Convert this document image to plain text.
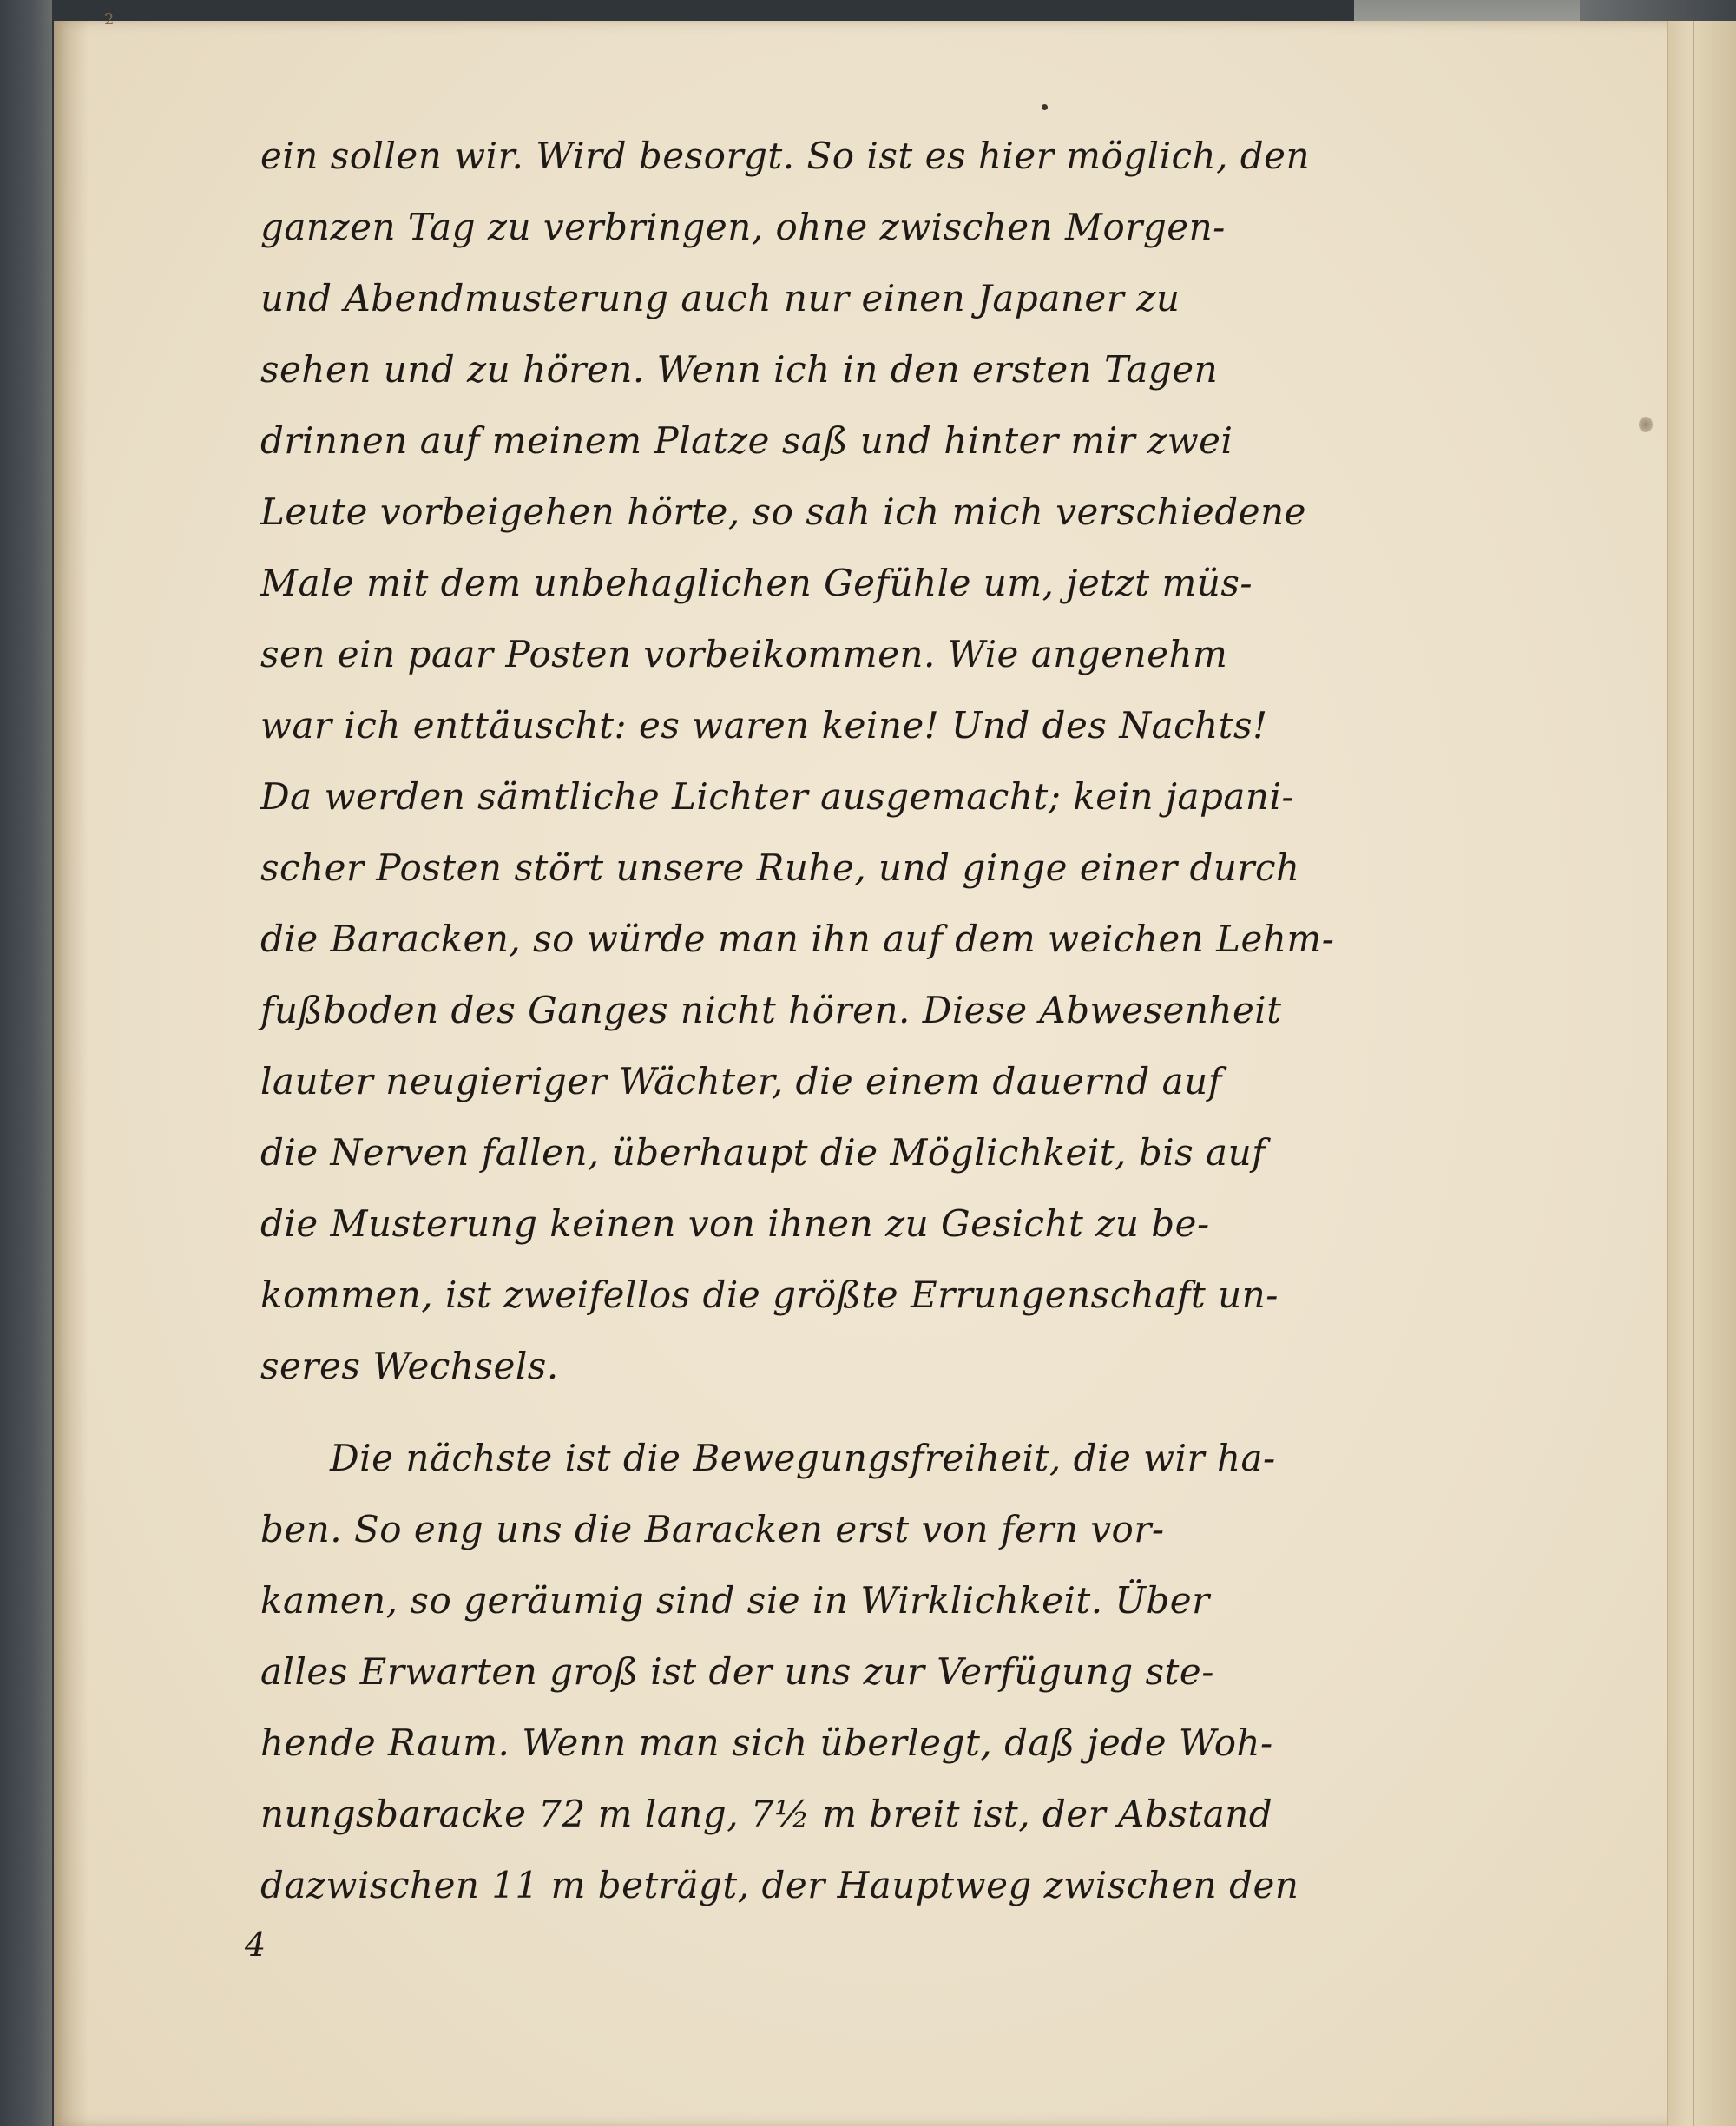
2
ein sollen wir. Wird besorgt. So ist es hier möglich, den
ganzen Tag zu verbringen, ohne zwischen Morgen-
und Abendmusterung auch nur einen Japaner zu
sehen und zu hören. Wenn ich in den ersten Tagen
drinnen auf meinem Platze saß und hinter mir zwei
Leute vorbeigehen hörte, so sah ich mich verschiedene
Male mit dem unbehaglichen Gefühle um, jetzt müs-
sen ein paar Posten vorbeikommen. Wie angenehm
war ich enttäuscht: es waren keine! Und des Nachts!
Da werden sämtliche Lichter ausgemacht; kein japani-
scher Posten stört unsere Ruhe, und ginge einer durch
die Baracken, so würde man ihn auf dem weichen Lehm-
fußboden des Ganges nicht hören. Diese Abwesenheit
lauter neugieriger Wächter, die einem dauernd auf
die Nerven fallen, überhaupt die Möglichkeit, bis auf
die Musterung keinen von ihnen zu Gesicht zu be-
kommen, ist zweifellos die größte Errungenschaft un-
seres Wechsels.
Die nächste ist die Bewegungsfreiheit, die wir ha-
ben. So eng uns die Baracken erst von fern vor-
kamen, so geräumig sind sie in Wirklichkeit. Über
alles Erwarten groß ist der uns zur Verfügung ste-
hende Raum. Wenn man sich überlegt, daß jede Woh-
nungsbaracke 72 m lang, 7½ m breit ist, der Abstand
dazwischen 11 m beträgt, der Hauptweg zwischen den
4
